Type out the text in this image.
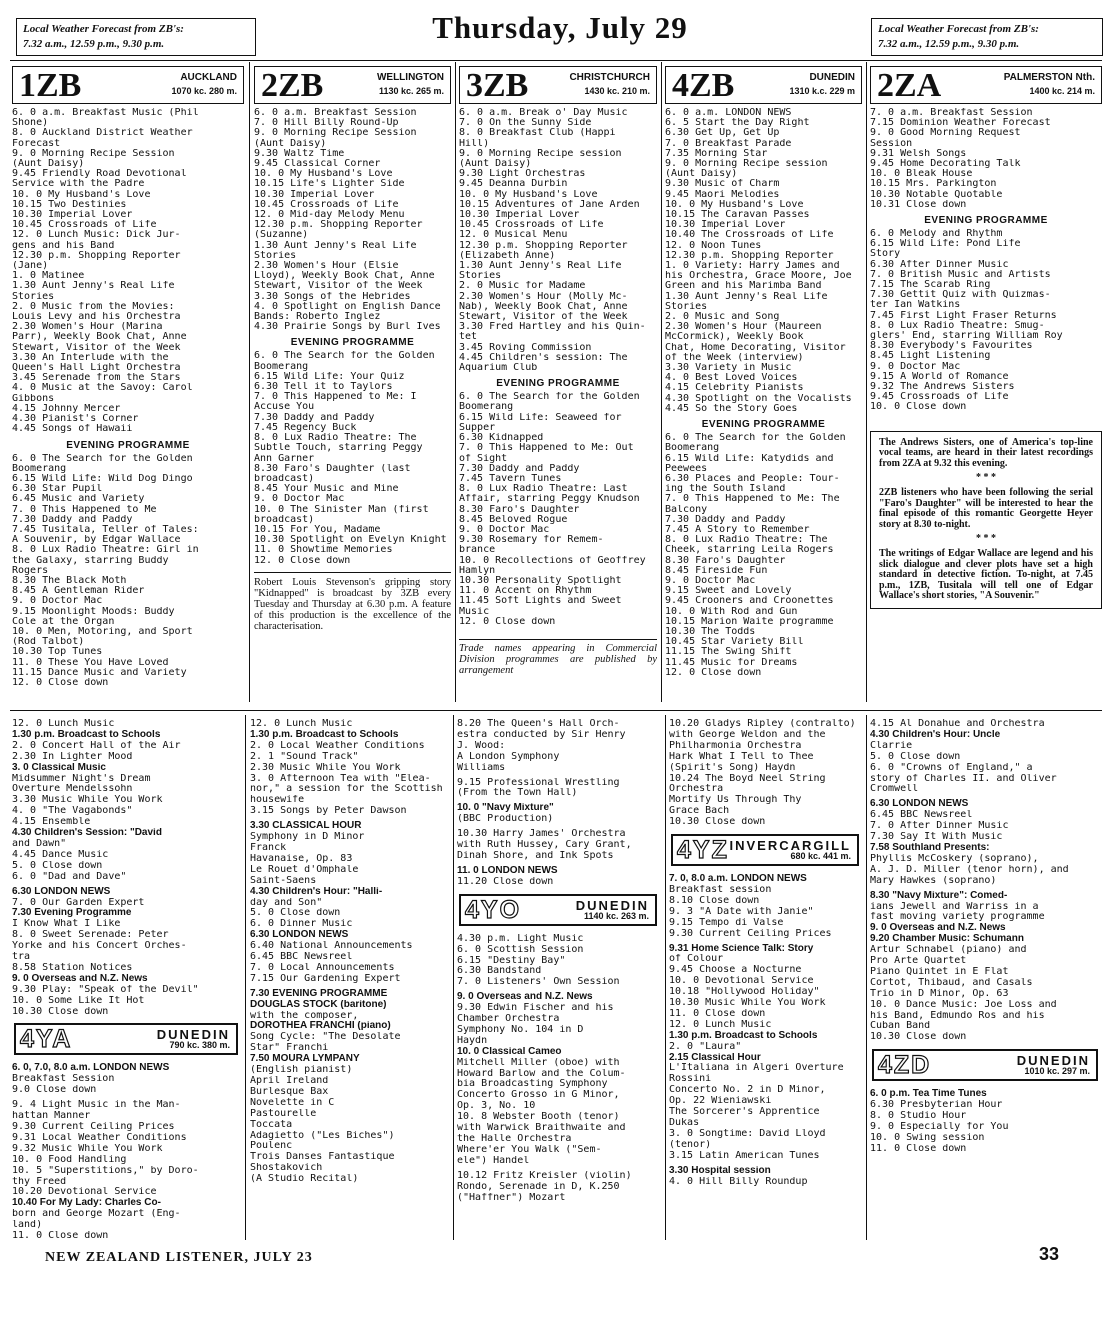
Local Weather Forecast from ZB's:
7.32 a.m., 12.59 p.m., 9.30 p.m.	Thursday, July 29	Local Weather Forecast from ZB's:
7.32 a.m., 12.59 p.m., 9.30 p.m.
1ZB	AUCKLAND
1070 kc. 280 m.
6. 0 a.m. Breakfast Music (Phil
Shone)
8. 0 Auckland District Weather
Forecast
9. 0 Morning Recipe Session
(Aunt Daisy)
9.45 Friendly Road Devotional
Service with the Padre
10. 0 My Husband's Love
10.15 Two Destinies
10.30 Imperial Lover
10.45 Crossroads of Life
12. 0 Lunch Music: Dick Jur-
gens and his Band
12.30 p.m. Shopping Reporter
(Jane)
1. 0 Matinee
1.30 Aunt Jenny's Real Life
Stories
2. 0 Music from the Movies:
Louis Levy and his Orchestra
2.30 Women's Hour (Marina
Parr), Weekly Book Chat, Anne
Stewart, Visitor of the Week
3.30 An Interlude with the
Queen's Hall Light Orchestra
3.45 Serenade from the Stars
4. 0 Music at the Savoy: Carol
Gibbons
4.15 Johnny Mercer
4.30 Pianist's Corner
4.45 Songs of Hawaii
EVENING PROGRAMME
6. 0 The Search for the Golden
Boomerang
6.15 Wild Life: Wild Dog Dingo
6.30 Star Pupil
6.45 Music and Variety
7. 0 This Happened to Me
7.30 Daddy and Paddy
7.45 Tusitala, Teller of Tales:
A Souvenir, by Edgar Wallace
8. 0 Lux Radio Theatre: Girl in
the Galaxy, starring Buddy
Rogers
8.30 The Black Moth
8.45 A Gentleman Rider
9. 0 Doctor Mac
9.15 Moonlight Moods: Buddy
Cole at the Organ
10. 0 Men, Motoring, and Sport
(Rod Talbot)
10.30 Top Tunes
11. 0 These You Have Loved
11.15 Dance Music and Variety
12. 0 Close down
2ZB	WELLINGTON
1130 kc. 265 m.
6. 0 a.m. Breakfast Session
7. 0 Hill Billy Round-Up
9. 0 Morning Recipe Session
(Aunt Daisy)
9.30 Waltz Time
9.45 Classical Corner
10. 0 My Husband's Love
10.15 Life's Lighter Side
10.30 Imperial Lover
10.45 Crossroads of Life
12. 0 Mid-day Melody Menu
12.30 p.m. Shopping Reporter
(Suzanne)
1.30 Aunt Jenny's Real Life
Stories
2.30 Women's Hour (Elsie
Lloyd), Weekly Book Chat, Anne
Stewart, Visitor of the Week
3.30 Songs of the Hebrides
4. 0 Spotlight on English Dance
Bands: Roberto Inglez
4.30 Prairie Songs by Burl Ives
EVENING PROGRAMME
6. 0 The Search for the Golden
Boomerang
6.15 Wild Life: Your Quiz
6.30 Tell it to Taylors
7. 0 This Happened to Me: I
Accuse You
7.30 Daddy and Paddy
7.45 Regency Buck
8. 0 Lux Radio Theatre: The
Subtle Touch, starring Peggy
Ann Garner
8.30 Faro's Daughter (last
broadcast)
8.45 Your Music and Mine
9. 0 Doctor Mac
10. 0 The Sinister Man (first
broadcast)
10.15 For You, Madame
10.30 Spotlight on Evelyn Knight
11. 0 Showtime Memories
12. 0 Close down
Robert Louis Stevenson's gripping story "Kidnapped" is broadcast by 3ZB every Tuesday and Thursday at 6.30 p.m. A feature of this production is the excellence of the characterisation.
3ZB	CHRISTCHURCH
1430 kc. 210 m.
6. 0 a.m. Break o' Day Music
7. 0 On the Sunny Side
8. 0 Breakfast Club (Happi
Hill)
9. 0 Morning Recipe session
(Aunt Daisy)
9.30 Light Orchestras
9.45 Deanna Durbin
10. 0 My Husband's Love
10.15 Adventures of Jane Arden
10.30 Imperial Lover
10.45 Crossroads of Life
12. 0 Musical Menu
12.30 p.m. Shopping Reporter
(Elizabeth Anne)
1.30 Aunt Jenny's Real Life
Stories
2. 0 Music for Madame
2.30 Women's Hour (Molly Mc-
Nab), Weekly Book Chat, Anne
Stewart, Visitor of the Week
3.30 Fred Hartley and his Quin-
tet
3.45 Roving Commission
4.45 Children's session: The
Aquarium Club
EVENING PROGRAMME
6. 0 The Search for the Golden
Boomerang
6.15 Wild Life: Seaweed for
Supper
6.30 Kidnapped
7. 0 This Happened to Me: Out
of Sight
7.30 Daddy and Paddy
7.45 Tavern Tunes
8. 0 Lux Radio Theatre: Last
Affair, starring Peggy Knudson
8.30 Faro's Daughter
8.45 Beloved Rogue
9. 0 Doctor Mac
9.30 Rosemary for Remem-
brance
10. 0 Recollections of Geoffrey
Hamlyn
10.30 Personality Spotlight
11. 0 Accent on Rhythm
11.45 Soft Lights and Sweet
Music
12. 0 Close down
Trade names appearing in Commercial Division programmes are published by arrangement
4ZB	DUNEDIN
1310 k.c. 229 m
6. 0 a.m. LONDON NEWS
6. 5 Start the Day Right
6.30 Get Up, Get Up
7. 0 Breakfast Parade
7.35 Morning Star
9. 0 Morning Recipe session
(Aunt Daisy)
9.30 Music of Charm
9.45 Maori Melodies
10. 0 My Husband's Love
10.15 The Caravan Passes
10.30 Imperial Lover
10.40 The Crossroads of Life
12. 0 Noon Tunes
12.30 p.m. Shopping Reporter
1. 0 Variety: Harry James and
his Orchestra, Grace Moore, Joe
Green and his Marimba Band
1.30 Aunt Jenny's Real Life
Stories
2. 0 Music and Song
2.30 Women's Hour (Maureen
McCormick), Weekly Book
Chat, Home Decorating, Visitor
of the Week (interview)
3.30 Variety in Music
4. 0 Best Loved Voices
4.15 Celebrity Pianists
4.30 Spotlight on the Vocalists
4.45 So the Story Goes
EVENING PROGRAMME
6. 0 The Search for the Golden
Boomerang
6.15 Wild Life: Katydids and
Peewees
6.30 Places and People: Tour-
ing the South Island
7. 0 This Happened to Me: The
Balcony
7.30 Daddy and Paddy
7.45 A Story to Remember
8. 0 Lux Radio Theatre: The
Cheek, starring Leila Rogers
8.30 Faro's Daughter
8.45 Fireside Fun
9. 0 Doctor Mac
9.15 Sweet and Lovely
9.45 Crooners and Croonettes
10. 0 With Rod and Gun
10.15 Marion Waite programme
10.30 The Todds
10.45 Star Variety Bill
11.15 The Swing Shift
11.45 Music for Dreams
12. 0 Close down
2ZA	PALMERSTON Nth.
1400 kc. 214 m.
7. 0 a.m. Breakfast Session
7.15 Dominion Weather Forecast
9. 0 Good Morning Request
Session
9.31 Welsh Songs
9.45 Home Decorating Talk
10. 0 Bleak House
10.15 Mrs. Parkington
10.30 Notable Quotable
10.31 Close down
EVENING PROGRAMME
6. 0 Melody and Rhythm
6.15 Wild Life: Pond Life
Story
6.30 After Dinner Music
7. 0 British Music and Artists
7.15 The Scarab Ring
7.30 Gettit Quiz with Quizmas-
ter Ian Watkins
7.45 First Light Fraser Returns
8. 0 Lux Radio Theatre: Smug-
glers' End, starring William Roy
8.30 Everybody's Favourites
8.45 Light Listening
9. 0 Doctor Mac
9.15 A World of Romance
9.32 The Andrews Sisters
9.45 Crossroads of Life
10. 0 Close down
The Andrews Sisters, one of America's top-line vocal teams, are heard in their latest recordings from 2ZA at 9.32 this evening.
* * *
2ZB listeners who have been following the serial "Faro's Daughter" will be interested to hear the final episode of this romantic Georgette Heyer story at 8.30 to-night.
* * *
The writings of Edgar Wallace are legend and his slick dialogue and clever plots have set a high standard in detective fiction. To-night, at 7.45 p.m., 1ZB, Tusitala will tell one of Edgar Wallace's short stories, "A Souvenir."
12. 0 Lunch Music
1.30 p.m. Broadcast to Schools
2. 0 Concert Hall of the Air
2.30 In Lighter Mood
3. 0 Classical Music
Midsummer Night's Dream
Overture Mendelssohn
3.30 Music While You Work
4. 0 "The Vagabonds"
4.15 Ensemble
4.30 Children's Session: "David
and Dawn"
4.45 Dance Music
5. 0 Close down
6. 0 "Dad and Dave"
6.30 LONDON NEWS
7. 0 Our Garden Expert
7.30 Evening Programme
I Know What I Like
8. 0 Sweet Serenade: Peter
Yorke and his Concert Orches-
tra
8.58 Station Notices
9. 0 Overseas and N.Z. News
9.30 Play: "Speak of the Devil"
10. 0 Some Like It Hot
10.30 Close down
4YA	DUNEDIN
790 kc. 380 m.
6. 0, 7.0, 8.0 a.m. LONDON NEWS
Breakfast Session
9.0 Close down
9. 4 Light Music in the Man-
hattan Manner
9.30 Current Ceiling Prices
9.31 Local Weather Conditions
9.32 Music While You Work
10. 0 Food Handling
10. 5 "Superstitions," by Doro-
thy Freed
10.20 Devotional Service
10.40 For My Lady: Charles Co-
born and George Mozart (Eng-
land)
11. 0 Close down
12. 0 Lunch Music
1.30 p.m. Broadcast to Schools
2. 0 Local Weather Conditions
2. 1 "Sound Track"
2.30 Music While You Work
3. 0 Afternoon Tea with "Elea-
nor," a session for the Scottish
housewife
3.15 Songs by Peter Dawson
3.30 CLASSICAL HOUR
Symphony in D Minor
Franck
Havanaise, Op. 83
Le Rouet d'Omphale
Saint-Saens
4.30 Children's Hour: "Halli-
day and Son"
5. 0 Close down
6. 0 Dinner Music
6.30 LONDON NEWS
6.40 National Announcements
6.45 BBC Newsreel
7. 0 Local Announcements
7.15 Our Gardening Expert
7.30 EVENING PROGRAMME
DOUGLAS STOCK (baritone)
with the composer,
DOROTHEA FRANCHI (piano)
Song Cycle: "The Desolate
Star" Franchi
7.50 MOURA LYMPANY
(English pianist)
April Ireland
Burlesque Bax
Novelette in C
Pastourelle
Toccata
Adagietto ("Les Biches")
Poulenc
Trois Danses Fantastique
Shostakovich
(A Studio Recital)
8.20 The Queen's Hall Orch-
estra conducted by Sir Henry
J. Wood:
A London Symphony
Williams
9.15 Professional Wrestling
(From the Town Hall)
10. 0 "Navy Mixture"
(BBC Production)
10.30 Harry James' Orchestra
with Ruth Hussey, Cary Grant,
Dinah Shore, and Ink Spots
11. 0 LONDON NEWS
11.20 Close down
4YO	DUNEDIN
1140 kc. 263 m.
4.30 p.m. Light Music
6. 0 Scottish Session
6.15 "Destiny Bay"
6.30 Bandstand
7. 0 Listeners' Own Session
9. 0 Overseas and N.Z. News
9.30 Edwin Fischer and his
Chamber Orchestra
Symphony No. 104 in D
Haydn
10. 0 Classical Cameo
Mitchell Miller (oboe) with
Howard Barlow and the Colum-
bia Broadcasting Symphony
Concerto Grosso in G Minor,
Op. 3, No. 10
10. 8 Webster Booth (tenor)
with Warwick Braithwaite and
the Halle Orchestra
Where'er You Walk ("Sem-
ele") Handel
10.12 Fritz Kreisler (violin)
Rondo, Serenade in D, K.250
("Haffner") Mozart
10.20 Gladys Ripley (contralto)
with George Weldon and the
Philharmonia Orchestra
Hark What I Tell to Thee
(Spirit's Song) Haydn
10.24 The Boyd Neel String
Orchestra
Mortify Us Through Thy
Grace Bach
10.30 Close down
4YZ INVERCARGILL
680 kc. 441 m.
7. 0, 8.0 a.m. LONDON NEWS
Breakfast session
8.10 Close down
9. 3 "A Date with Janie"
9.15 Tempo di Valse
9.30 Current Ceiling Prices
9.31 Home Science Talk: Story
of Colour
9.45 Choose a Nocturne
10. 0 Devotional Service
10.18 "Hollywood Holiday"
10.30 Music While You Work
11. 0 Close down
12. 0 Lunch Music
1.30 p.m. Broadcast to Schools
2. 0 "Laura"
2.15 Classical Hour
L'Italiana in Algeri Overture
Rossini
Concerto No. 2 in D Minor,
Op. 22 Wieniawski
The Sorcerer's Apprentice
Dukas
3. 0 Songtime: David Lloyd
(tenor)
3.15 Latin American Tunes
3.30 Hospital session
4. 0 Hill Billy Roundup
4.15 Al Donahue and Orchestra
4.30 Children's Hour: Uncle
Clarrie
5. 0 Close down
6. 0 "Crowns of England," a
story of Charles II. and Oliver
Cromwell
6.30 LONDON NEWS
6.45 BBC Newsreel
7. 0 After Dinner Music
7.30 Say It With Music
7.58 Southland Presents:
Phyllis McCoskery (soprano),
A. J. D. Miller (tenor horn), and
Mary Hawkes (soprano)
8.30 "Navy Mixture": Comed-
ians Jewell and Warriss in a
fast moving variety programme
9. 0 Overseas and N.Z. News
9.20 Chamber Music: Schumann
Artur Schnabel (piano) and
Pro Arte Quartet
Piano Quintet in E Flat
Cortot, Thibaud, and Casals
Trio in D Minor, Op. 63
10. 0 Dance Music: Joe Loss and
his Band, Edmundo Ros and his
Cuban Band
10.30 Close down
4ZD	DUNEDIN
1010 kc. 297 m.
6. 0 p.m. Tea Time Tunes
6.30 Presbyterian Hour
8. 0 Studio Hour
9. 0 Especially for You
10. 0 Swing session
11. 0 Close down
NEW ZEALAND LISTENER, JULY 23	33
